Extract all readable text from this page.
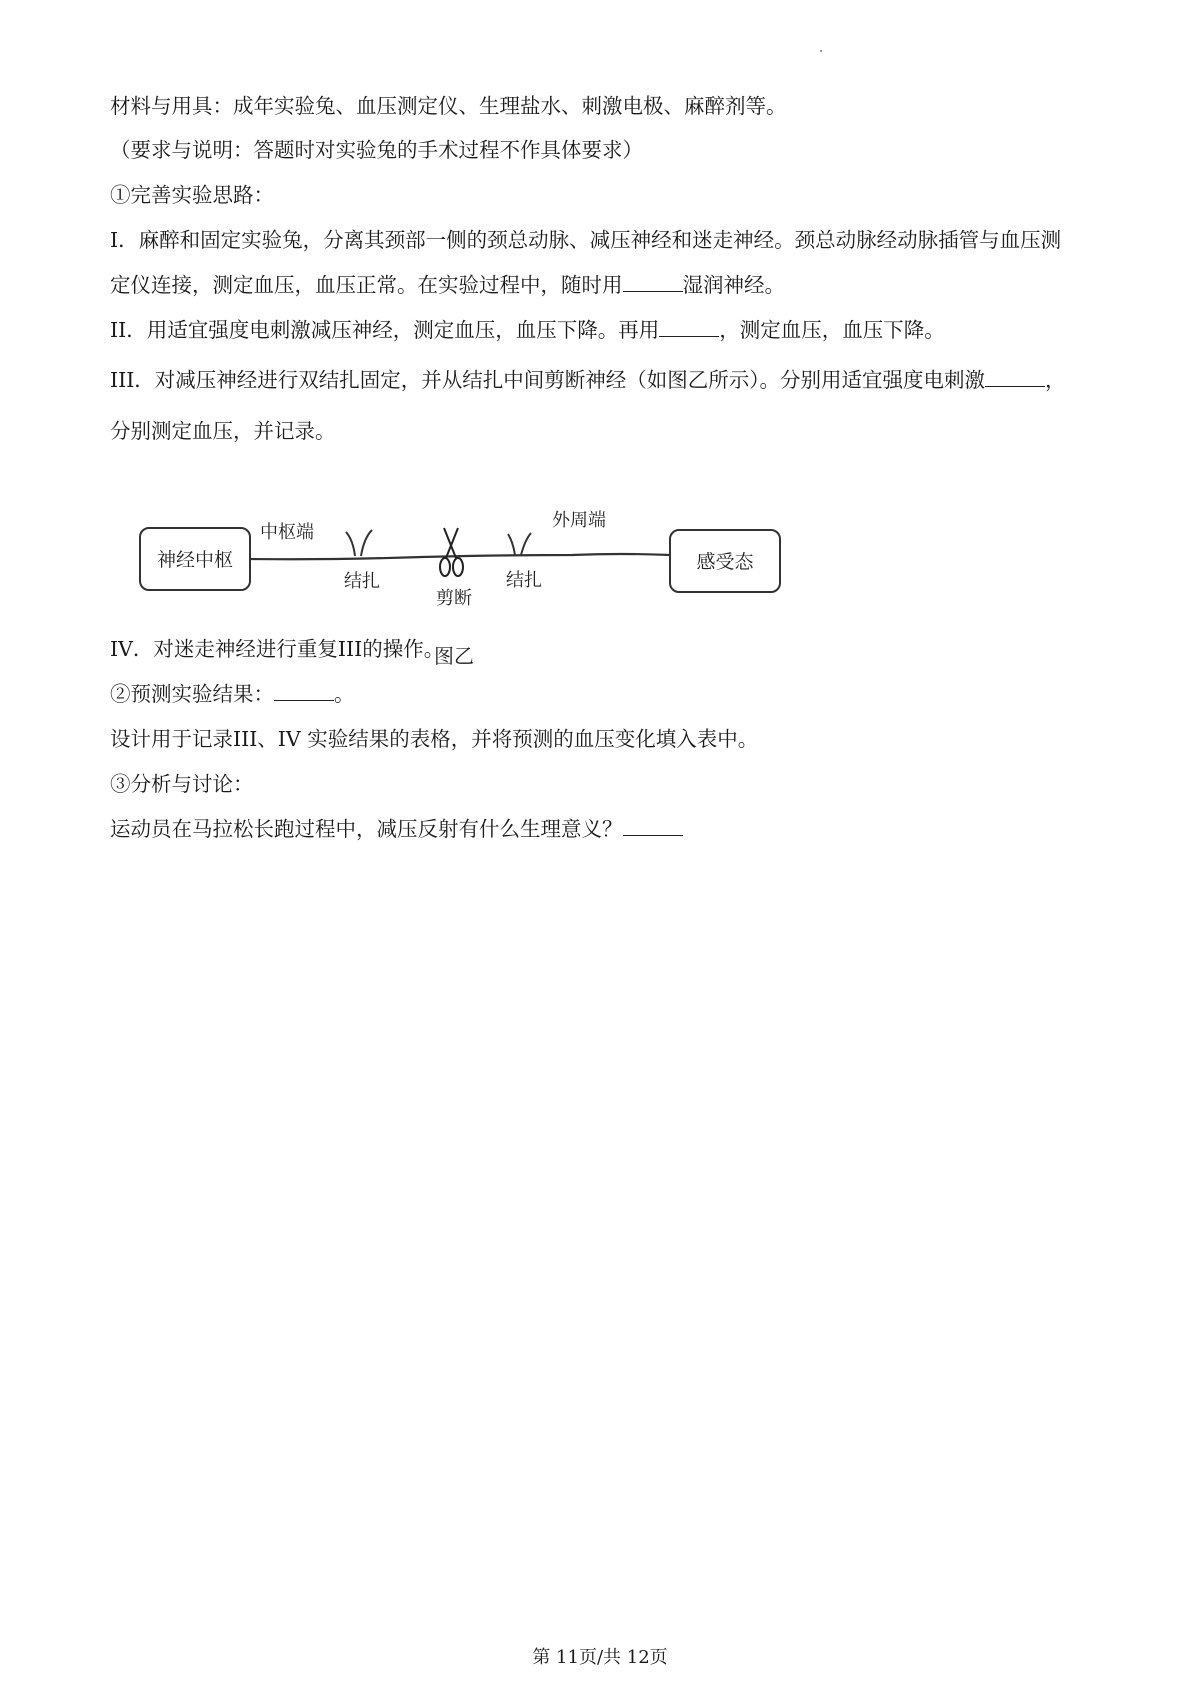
材料与用具：成年实验兔、血压测定仪、生理盐水、刺激电极、麻醉剂等。
（要求与说明：答题时对实验兔的手术过程不作具体要求）
①完善实验思路：
I．麻醉和固定实验兔，分离其颈部一侧的颈总动脉、减压神经和迷走神经。颈总动脉经动脉插管与血压测
定仪连接，测定血压，血压正常。在实验过程中，随时用	湿润神经。
II．用适宜强度电刺激减压神经，测定血压，血压下降。再用	，测定血压，血压下降。
III．对减压神经进行双结扎固定，并从结扎中间剪断神经（如图乙所示）。分别用适宜强度电刺激	，
分别测定血压，并记录。
神经中枢	感受态
中枢端
外周端
结扎	结扎
剪断
图乙
IV．对迷走神经进行重复III的操作。
②预测实验结果：	。
设计用于记录III、IV 实验结果的表格，并将预测的血压变化填入表中。
③分析与讨论：
运动员在马拉松长跑过程中，减压反射有什么生理意义？
第 11页/共 12页
